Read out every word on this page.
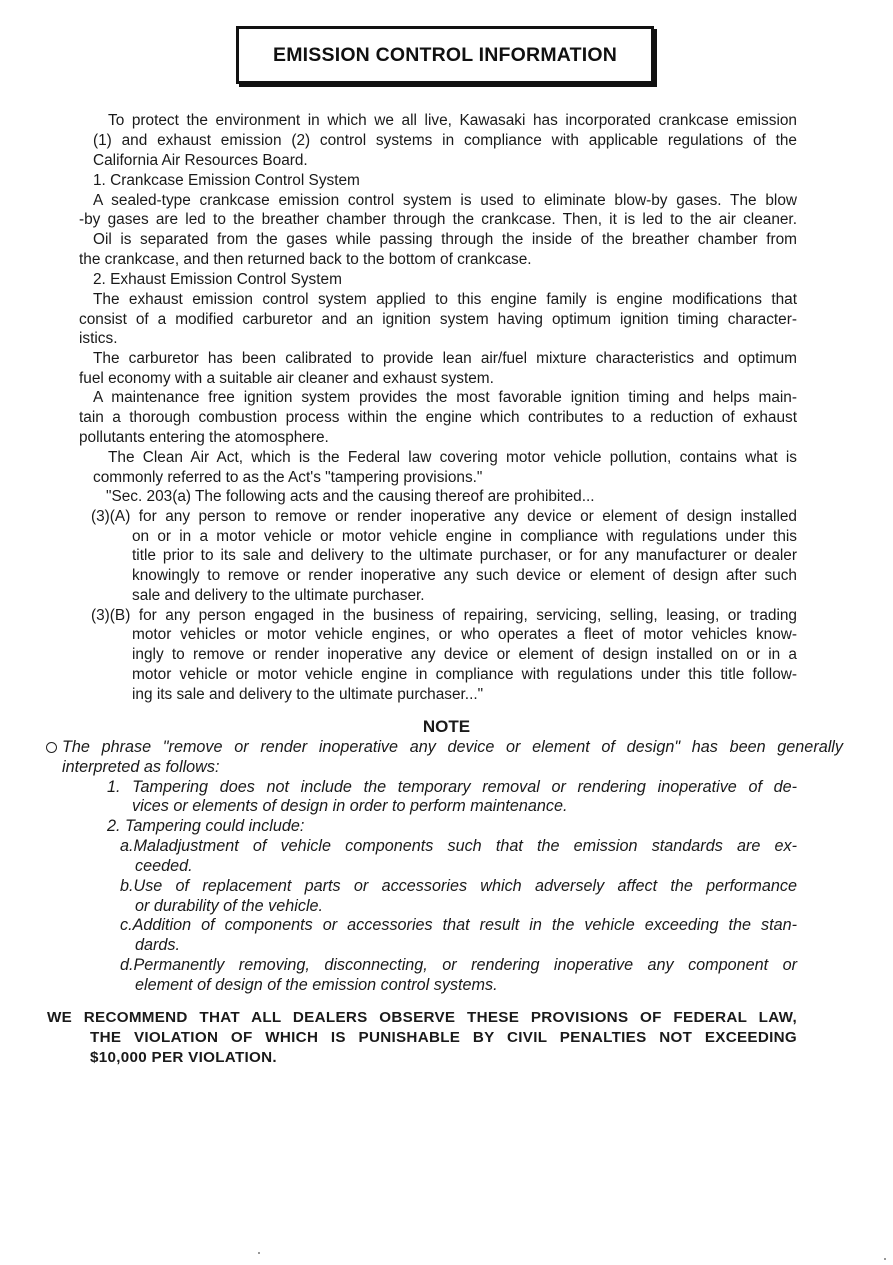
EMISSION CONTROL INFORMATION
To protect the environment in which we all live, Kawasaki has incorporated crankcase emission
(1) and exhaust emission (2) control systems in compliance with applicable regulations of the
California Air Resources Board.
1. Crankcase Emission Control System
A sealed-type crankcase emission control system is used to eliminate blow-by gases. The blow
-by gases are led to the breather chamber through the crankcase. Then, it is led to the air cleaner.
Oil is separated from the gases while passing through the inside of the breather chamber from
the crankcase, and then returned back to the bottom of crankcase.
2. Exhaust Emission Control System
The exhaust emission control system applied to this engine family is engine modifications that
consist of a modified carburetor and an ignition system having optimum ignition timing character-
istics.
The carburetor has been calibrated to provide lean air/fuel mixture characteristics and optimum
fuel economy with a suitable air cleaner and exhaust system.
A maintenance free ignition system provides the most favorable ignition timing and helps main-
tain a thorough combustion process within the engine which contributes to a reduction of exhaust
pollutants entering the atomosphere.
The Clean Air Act, which is the Federal law covering motor vehicle pollution, contains what is
commonly referred to as the Act's "tampering provisions."
"Sec. 203(a) The following acts and the causing thereof are prohibited...
(3)(A) for any person to remove or render inoperative any device or element of design installed
on or in a motor vehicle or motor vehicle engine in compliance with regulations under this
title prior to its sale and delivery to the ultimate purchaser, or for any manufacturer or dealer
knowingly to remove or render inoperative any such device or element of design after such
sale and delivery to the ultimate purchaser.
(3)(B) for any person engaged in the business of repairing, servicing, selling, leasing, or trading
motor vehicles or motor vehicle engines, or who operates a fleet of motor vehicles know-
ingly to remove or render inoperative any device or element of design installed on or in a
motor vehicle or motor vehicle engine in compliance with regulations under this title follow-
ing its sale and delivery to the ultimate purchaser..."
NOTE
The phrase "remove or render inoperative any device or element of design" has been generally
interpreted as follows:
1. Tampering does not include the temporary removal or rendering inoperative of de-
vices or elements of design in order to perform maintenance.
2. Tampering could include:
a.Maladjustment of vehicle components such that the emission standards are ex-
ceeded.
b.Use of replacement parts or accessories which adversely affect the performance
or durability of the vehicle.
c.Addition of components or accessories that result in the vehicle exceeding the stan-
dards.
d.Permanently removing, disconnecting, or rendering inoperative any component or
element of design of the emission control systems.
WE RECOMMEND THAT ALL DEALERS OBSERVE THESE PROVISIONS OF FEDERAL LAW,
THE VIOLATION OF WHICH IS PUNISHABLE BY CIVIL PENALTIES NOT EXCEEDING
$10,000 PER VIOLATION.
